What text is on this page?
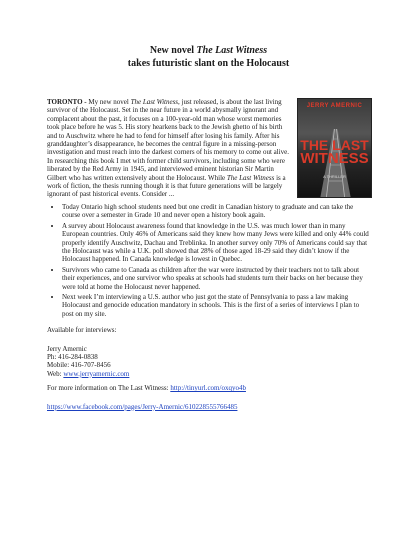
New novel The Last Witness
takes futuristic slant on the Holocaust
JERRY AMERNIC
THE LAST
WITNESS
A THRILLER

TORONTO - My new novel The Last Witness, just released, is about the last living survivor of the Holocaust. Set in the near future in a world abysmally ignorant and complacent about the past, it focuses on a 100-year-old man whose worst memories took place before he was 5. His story hearkens back to the Jewish ghetto of his birth and to Auschwitz where he had to fend for himself after losing his family. After his granddaughter’s disappearance, he becomes the central figure in a missing-person investigation and must reach into the darkest corners of his memory to come out alive. In researching this book I met with former child survivors, including some who were liberated by the Red Army in 1945, and interviewed eminent historian Sir Martin Gilbert who has written extensively about the Holocaust. While The Last Witness is a work of fiction, the thesis running though it is that future generations will be largely ignorant of past historical events. Consider ...

• Today Ontario high school students need but one credit in Canadian history to graduate and can take the course over a semester in Grade 10 and never open a history book again.
• A survey about Holocaust awareness found that knowledge in the U.S. was much lower than in many European countries. Only 46% of Americans said they knew how many Jews were killed and only 44% could properly identify Auschwitz, Dachau and Treblinka. In another survey only 70% of Americans could say that the Holocaust was while a U.K. poll showed that 28% of those aged 18-29 said they didn’t know if the Holocaust happened. In Canada knowledge is lowest in Quebec.
• Survivors who came to Canada as children after the war were instructed by their teachers not to talk about their experiences, and one survivor who speaks at schools had students turn their backs on her because they were told at home the Holocaust never happened.
• Next week I’m interviewing a U.S. author who just got the state of Pennsylvania to pass a law making Holocaust and genocide education mandatory in schools. This is the first of a series of interviews I plan to post on my site.

Available for interviews:

Jerry Amernic

Ph: 416-284-0838

Mobile: 416-707-8456

Web: www.jerryamernic.com

For more information on The Last Witness: http://tinyurl.com/oxqyo4b

https://www.facebook.com/pages/Jerry-Amernic/610228555766485
